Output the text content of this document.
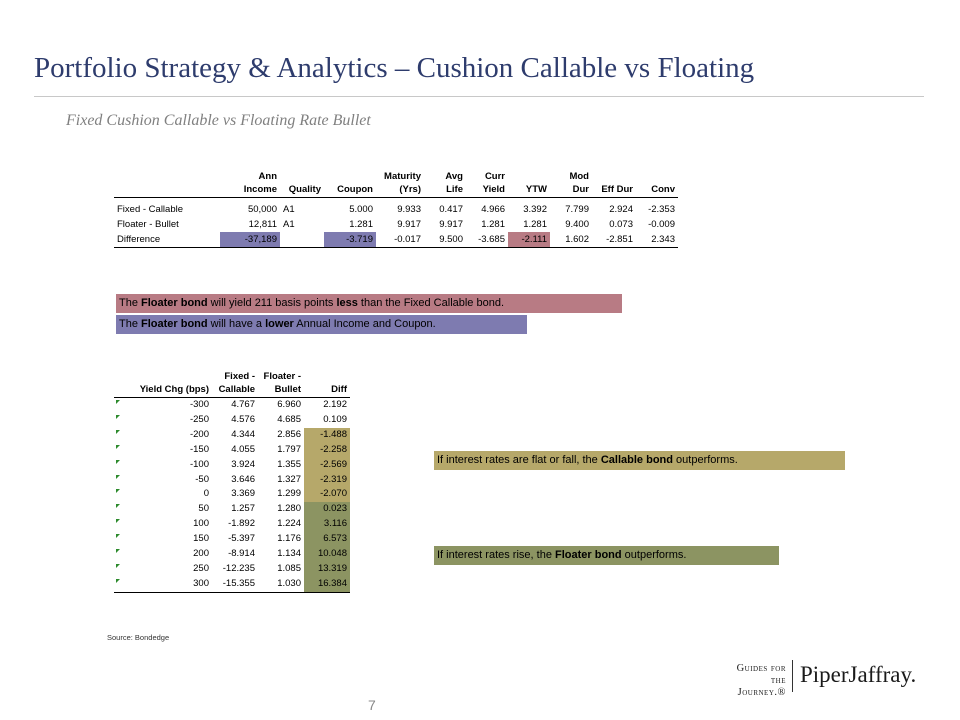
Portfolio Strategy & Analytics – Cushion Callable vs Floating
Fixed Cushion Callable vs Floating Rate Bullet
	Ann			Maturity	Avg	Curr		Mod		
	Income	Quality	Coupon	(Yrs)	Life	Yield	YTW	Dur	Eff Dur	Conv

Fixed - Callable	50,000	A1	5.000	9.933	0.417	4.966	3.392	7.799	2.924	-2.353
Floater - Bullet	12,811	A1	1.281	9.917	9.917	1.281	1.281	9.400	0.073	-0.009
Difference	-37,189		-3.719	-0.017	9.500	-3.685	-2.111	1.602	-2.851	2.343
The Floater bond will yield 211 basis points less than the Fixed Callable bond.
The Floater bond will have a lower Annual Income and Coupon.
If interest rates are flat or fall, the Callable bond outperforms.
If interest rates rise, the Floater bond outperforms.
	Fixed -	Floater -	
Yield Chg (bps)	Callable	Bullet	Diff
-300	4.767	6.960	2.192
-250	4.576	4.685	0.109
-200	4.344	2.856	-1.488
-150	4.055	1.797	-2.258
-100	3.924	1.355	-2.569
-50	3.646	1.327	-2.319
0	3.369	1.299	-2.070
50	1.257	1.280	0.023
100	-1.892	1.224	3.116
150	-5.397	1.176	6.573
200	-8.914	1.134	10.048
250	-12.235	1.085	13.319
300	-15.355	1.030	16.384
Source: Bondedge
7
Guides for
the Journey.®
PiperJaffray.
